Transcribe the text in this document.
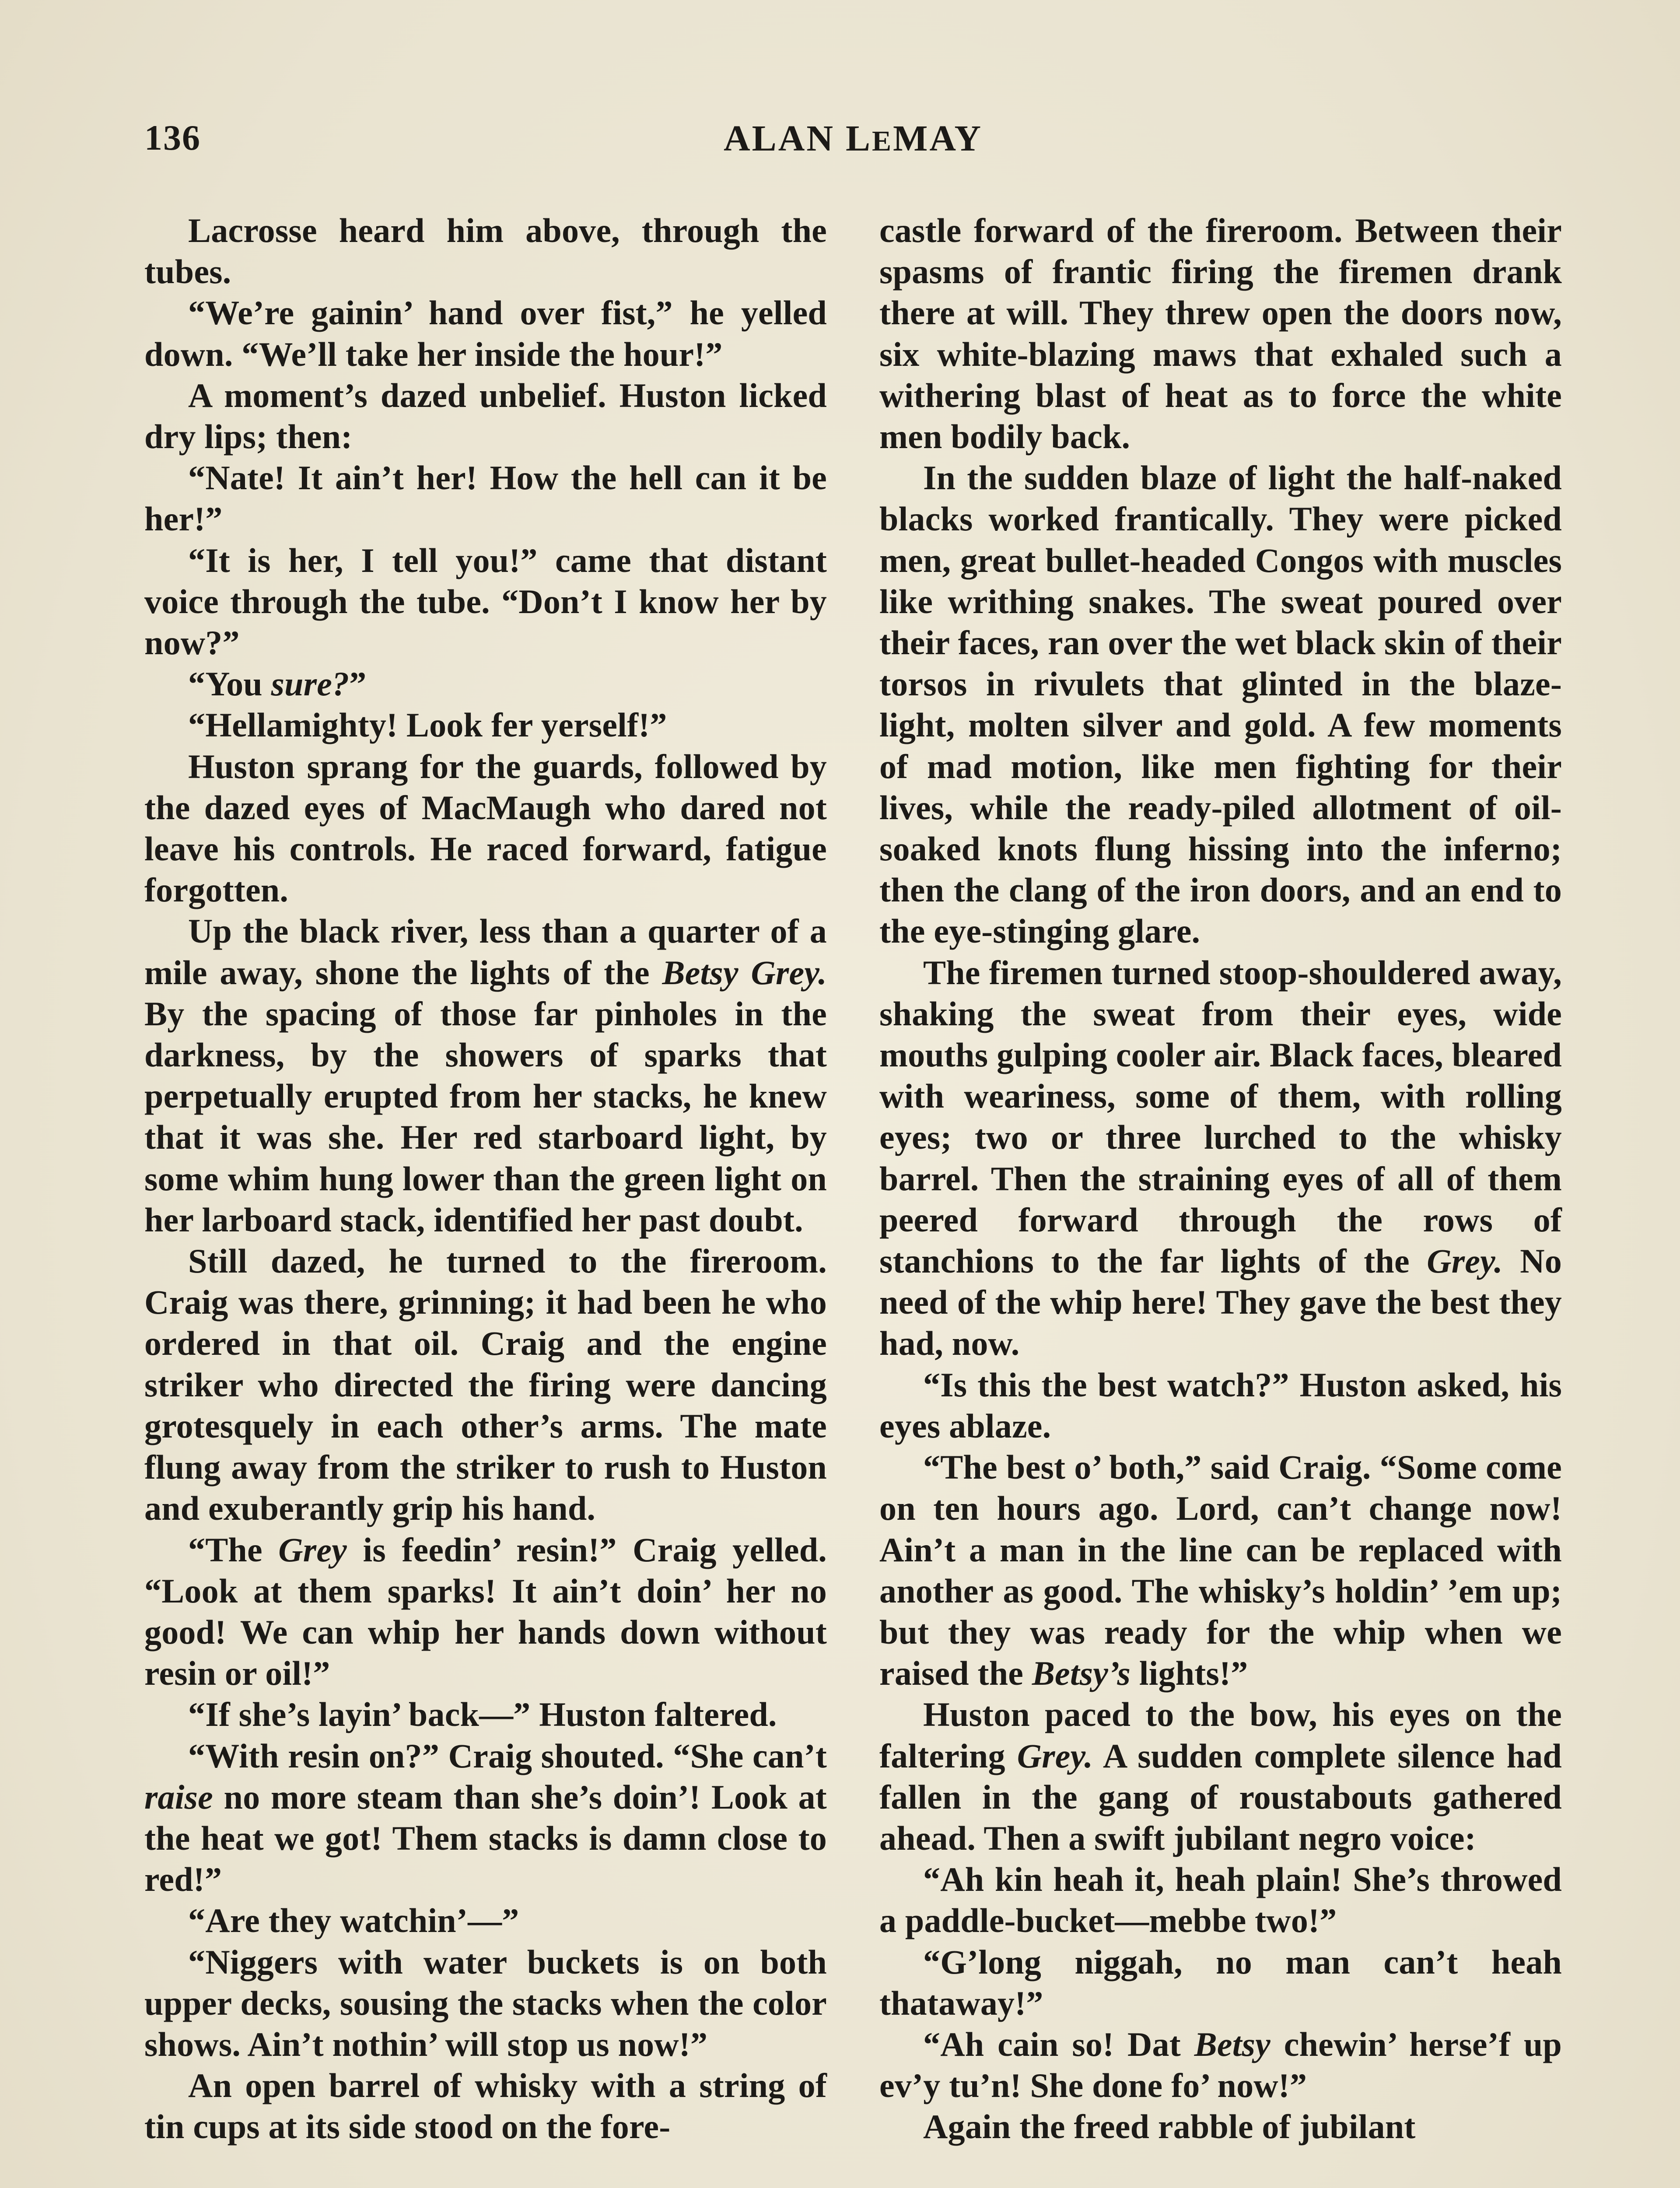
136	ALAN LEMAY

Lacrosse heard him above, through the tubes.

“We’re gainin’ hand over fist,” he yelled down. “We’ll take her inside the hour!”

A moment’s dazed unbelief. Huston licked dry lips; then:

“Nate! It ain’t her! How the hell can it be her!”

“It is her, I tell you!” came that distant voice through the tube. “Don’t I know her by now?”

“You sure?”

“Hellamighty! Look fer yerself!”

Huston sprang for the guards, followed by the dazed eyes of MacMaugh who dared not leave his controls. He raced forward, fatigue forgotten.

Up the black river, less than a quarter of a mile away, shone the lights of the Betsy Grey. By the spacing of those far pinholes in the darkness, by the showers of sparks that perpetually erupted from her stacks, he knew that it was she. Her red starboard light, by some whim hung lower than the green light on her larboard stack, identified her past doubt.

Still dazed, he turned to the fireroom. Craig was there, grinning; it had been he who ordered in that oil. Craig and the engine striker who directed the firing were dancing grotesquely in each other’s arms. The mate flung away from the striker to rush to Huston and exuberantly grip his hand.

“The Grey is feedin’ resin!” Craig yelled. “Look at them sparks! It ain’t doin’ her no good! We can whip her hands down without resin or oil!”

“If she’s layin’ back—” Huston faltered.

“With resin on?” Craig shouted. “She can’t raise no more steam than she’s doin’! Look at the heat we got! Them stacks is damn close to red!”

“Are they watchin’—”

“Niggers with water buckets is on both upper decks, sousing the stacks when the color shows. Ain’t nothin’ will stop us now!”

An open barrel of whisky with a string of tin cups at its side stood on the fore-

castle forward of the fireroom. Between their spasms of frantic firing the firemen drank there at will. They threw open the doors now, six white-blazing maws that exhaled such a withering blast of heat as to force the white men bodily back.

In the sudden blaze of light the half-naked blacks worked frantically. They were picked men, great bullet-headed Congos with muscles like writhing snakes. The sweat poured over their faces, ran over the wet black skin of their torsos in rivulets that glinted in the blaze-light, molten silver and gold. A few moments of mad motion, like men fighting for their lives, while the ready-piled allotment of oil-soaked knots flung hissing into the inferno; then the clang of the iron doors, and an end to the eye-stinging glare.

The firemen turned stoop-shouldered away, shaking the sweat from their eyes, wide mouths gulping cooler air. Black faces, bleared with weariness, some of them, with rolling eyes; two or three lurched to the whisky barrel. Then the straining eyes of all of them peered forward through the rows of stanchions to the far lights of the Grey. No need of the whip here! They gave the best they had, now.

“Is this the best watch?” Huston asked, his eyes ablaze.

“The best o’ both,” said Craig. “Some come on ten hours ago. Lord, can’t change now! Ain’t a man in the line can be replaced with another as good. The whisky’s holdin’ ’em up; but they was ready for the whip when we raised the Betsy’s lights!”

Huston paced to the bow, his eyes on the faltering Grey. A sudden complete silence had fallen in the gang of roustabouts gathered ahead. Then a swift jubilant negro voice:

“Ah kin heah it, heah plain! She’s throwed a paddle-bucket—mebbe two!”

“G’long niggah, no man can’t heah thataway!”

“Ah cain so! Dat Betsy chewin’ herse’f up ev’y tu’n! She done fo’ now!”

Again the freed rabble of jubilant
